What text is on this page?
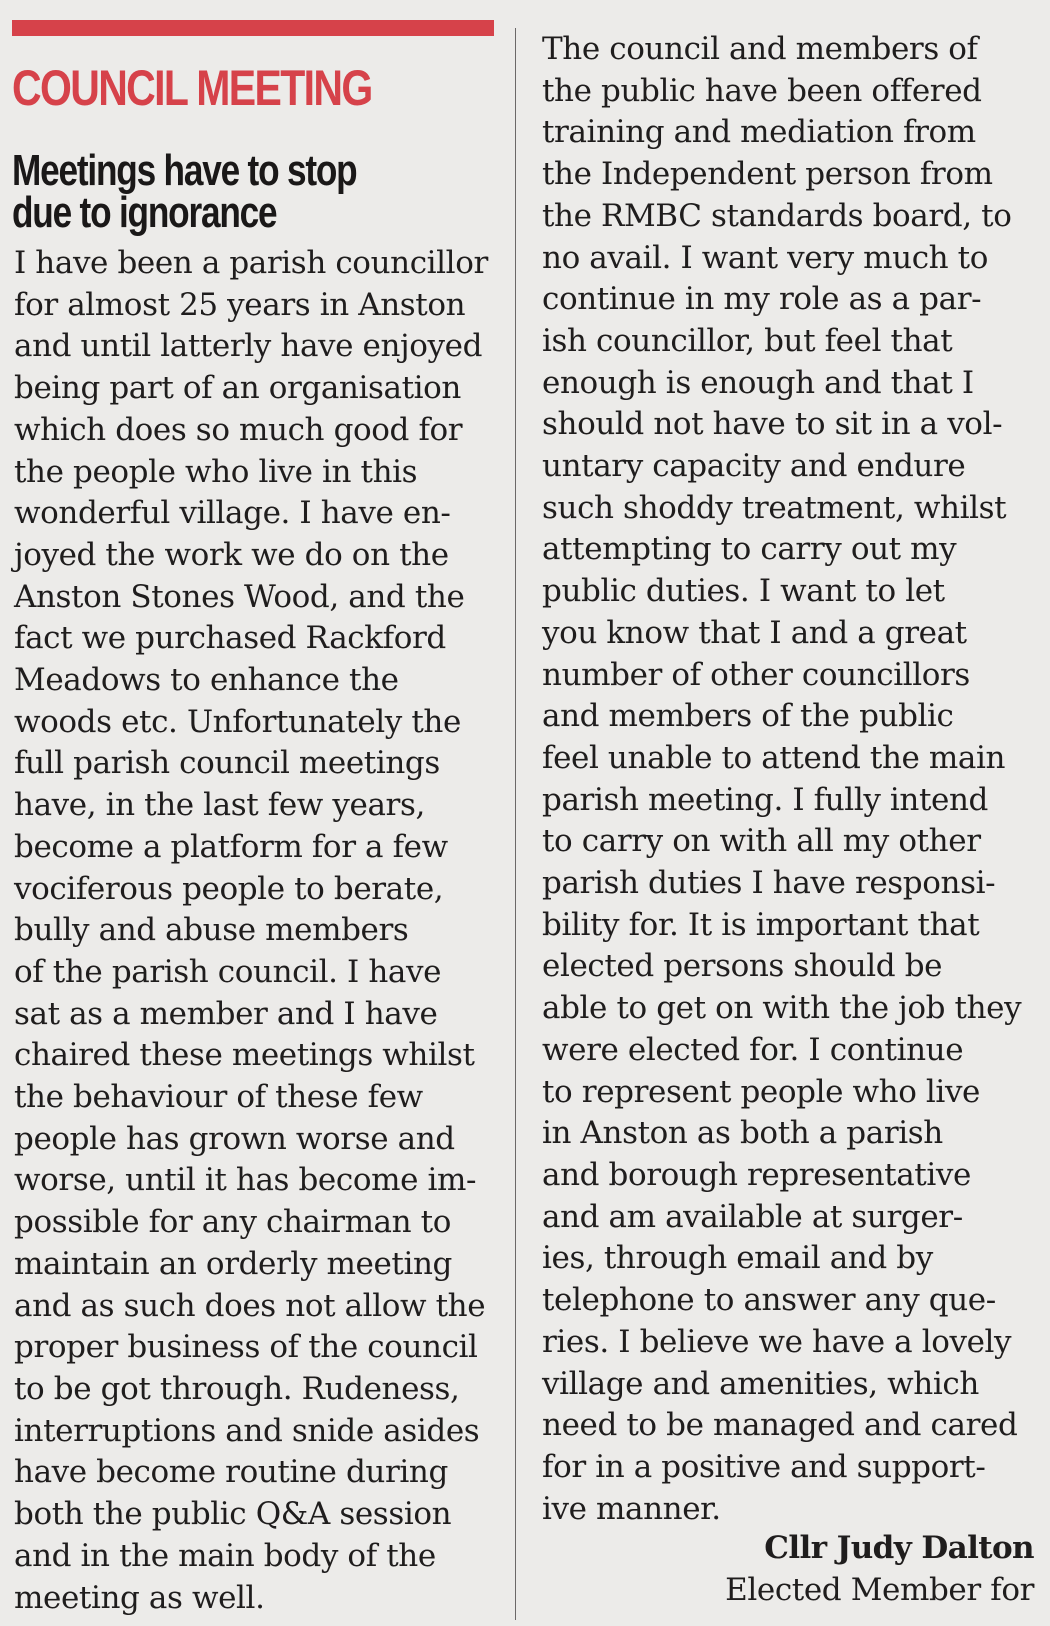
COUNCIL MEETING
Meetings have to stop
due to ignorance
I have been a parish councillor
for almost 25 years in Anston
and until latterly have enjoyed
being part of an organisation
which does so much good for
the people who live in this
wonderful village. I have en-
joyed the work we do on the
Anston Stones Wood, and the
fact we purchased Rackford
Meadows to enhance the
woods etc. Unfortunately the
full parish council meetings
have, in the last few years,
become a platform for a few
vociferous people to berate,
bully and abuse members
of the parish council. I have
sat as a member and I have
chaired these meetings whilst
the behaviour of these few
people has grown worse and
worse, until it has become im-
possible for any chairman to
maintain an orderly meeting
and as such does not allow the
proper business of the council
to be got through. Rudeness,
interruptions and snide asides
have become routine during
both the public Q&A session
and in the main body of the
meeting as well.
The council and members of
the public have been offered
training and mediation from
the Independent person from
the RMBC standards board, to
no avail. I want very much to
continue in my role as a par-
ish councillor, but feel that
enough is enough and that I
should not have to sit in a vol-
untary capacity and endure
such shoddy treatment, whilst
attempting to carry out my
public duties. I want to let
you know that I and a great
number of other councillors
and members of the public
feel unable to attend the main
parish meeting. I fully intend
to carry on with all my other
parish duties I have responsi-
bility for. It is important that
elected persons should be
able to get on with the job they
were elected for. I continue
to represent people who live
in Anston as both a parish
and borough representative
and am available at surger-
ies, through email and by
telephone to answer any que-
ries. I believe we have a lovely
village and amenities, which
need to be managed and cared
for in a positive and support-
ive manner.
Cllr Judy Dalton
Elected Member for
